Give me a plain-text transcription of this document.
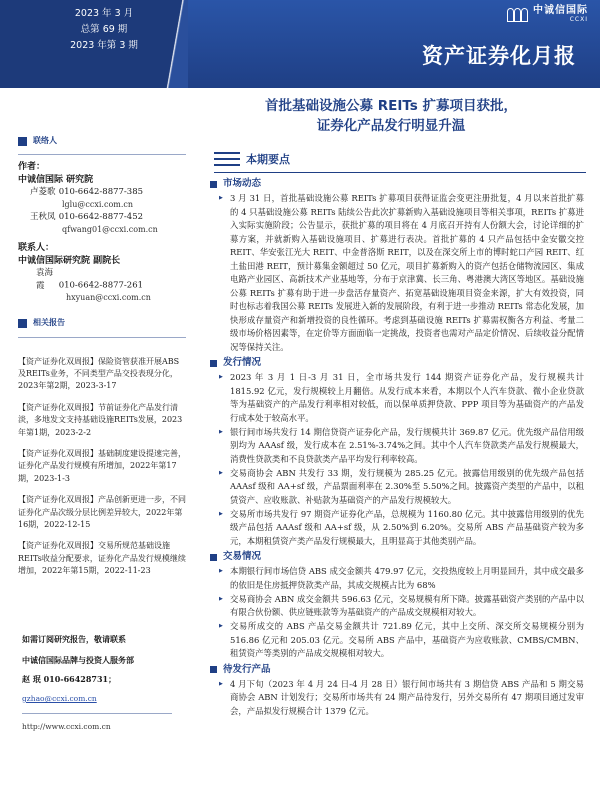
2023 年 3 月
总第 69 期
2023 年第 3 期
中诚信国际
CCXI
资产证券化月报
联络人
作者：
中诚信国际 研究院
卢菱歌 010-6642-8877-385
lglu@ccxi.com.cn
王秋凤 010-6642-8877-452
qfwang01@ccxi.com.cn
联系人：
中诚信国际研究院 副院长
袁海霞 010-6642-8877-261
hxyuan@ccxi.com.cn
相关报告
【资产证券化双周报】保险资管获准开展ABS及REITs业务，不同类型产品交投表现分化，2023年第2期，2023-3-17
【资产证券化双周报】节前证券化产品发行清淡，多地发文支持基础设施REITs发展，2023年第1期，2023-2-2
【资产证券化双周报】基础制度建设提速完善，证券化产品发行规模有所增加，2022年第17期，2023-1-3
【资产证券化双周报】产品创新更进一步，不同证券化产品次级分层比例差异较大，2022年第16期，2022-12-15
【资产证券化双周报】交易所规范基础设施REITs收益分配要求，证券化产品发行规模继续增加，2022年第15期，2022-11-23
如需订阅研究报告，敬请联系
中诚信国际品牌与投资人服务部
赵 珉 010-66428731；
gzhao@ccxi.com.cn
http://www.ccxi.com.cn
首批基础设施公募 REITs 扩募项目获批，
证券化产品发行明显升温
本期要点
市场动态
▶ 3 月 31 日，首批基础设施公募 REITs 扩募项目获得证监会变更注册批复，4 月以来首批扩募的 4 只基础设施公募 REITs 陆续公告此次扩募新购入基础设施项目等相关事项，REITs 扩募进入实际实施阶段；公告显示，获批扩募的项目将在 4 月底召开持有人份额大会，讨论详细的扩募方案，并就新购入基础设施项目、扩募进行表决。首批扩募的 4 只产品包括中金安徽交控 REIT、华安张江光大 REIT、中金普洛斯 REIT，以及在深交所上市的博时蛇口产园 REIT、红土盐田港 REIT，预计募集金额超过 50 亿元，项目扩募新购入的资产包括仓储物流园区、集成电路产业园区、高新技术产业基地等，分布于京津冀、长三角、粤港澳大湾区等地区。基础设施公募 REITs 扩募有助于进一步盘活存量资产、拓宽基础设施项目资金来源，扩大有效投资，同时也标志着我国公募 REITs 发展进入新的发展阶段，有利于进一步推动 REITs 常态化发展，加快形成存量资产和新增投资的良性循环。考虑到基础设施 REITs 扩募需权衡各方利益、考量二级市场价格因素等，在定价等方面面临一定挑战，投资者也需对产品定价情况、后续收益分配情况等保持关注。
发行情况
▶ 2023 年 3 月 1 日-3 月 31 日，全市场共发行 144 期资产证券化产品，发行规模共计 1815.92 亿元，发行规模较上月翻倍。从发行成本来看，本期以个人汽车贷款、微小企业贷款等为基础资产的产品发行利率相对较低，而以保单质押贷款、PPP 项目等为基础资产的产品发行成本处于较高水平。
▶ 银行间市场共发行 14 期信贷资产证券化产品，发行规模共计 369.87 亿元。优先级产品信用级别均为 AAAsf 级，发行成本在 2.51%-3.74%之间。其中个人汽车贷款类产品发行规模最大，消费性贷款类和不良贷款类产品平均发行利率较高。
▶ 交易商协会 ABN 共发行 33 期，发行规模为 285.25 亿元。披露信用级别的优先级产品包括 AAAsf 级和 AA+sf 级，产品票面利率在 2.30%至 5.50%之间。披露资产类型的产品中，以租赁资产、应收账款、补贴款为基础资产的产品发行规模较大。
▶ 交易所市场共发行 97 期资产证券化产品，总规模为 1160.80 亿元。其中披露信用级别的优先级产品包括 AAAsf 级和 AA+sf 级，从 2.50%到 6.20%。交易所 ABS 产品基础资产较为多元，本期租赁资产类产品发行规模最大，且明显高于其他类别产品。
交易情况
▶ 本期银行间市场信贷 ABS 成交金额共 479.97 亿元，交投热度较上月明显回升，其中成交最多的依旧是住房抵押贷款类产品，其成交规模占比为 68%
▶ 交易商协会 ABN 成交金额共 596.63 亿元，交易规模有所下降。披露基础资产类别的产品中以有限合伙份额、供应链账款等为基础资产的产品成交规模相对较大。
▶ 交易所成交的 ABS 产品交易金额共计 721.89 亿元，其中上交所、深交所交易规模分别为 516.86 亿元和 205.03 亿元。交易所 ABS 产品中，基础资产为应收账款、CMBS/CMBN、租赁资产等类别的产品成交规模相对较大。
待发行产品
▶ 4 月下旬（2023 年 4 月 24 日-4 月 28 日）银行间市场共有 3 期信贷 ABS 产品和 5 期交易商协会 ABN 计划发行；交易所市场共有 24 期产品待发行，另外交易所有 47 期项目通过发审会，产品拟发行规模合计 1379 亿元。
